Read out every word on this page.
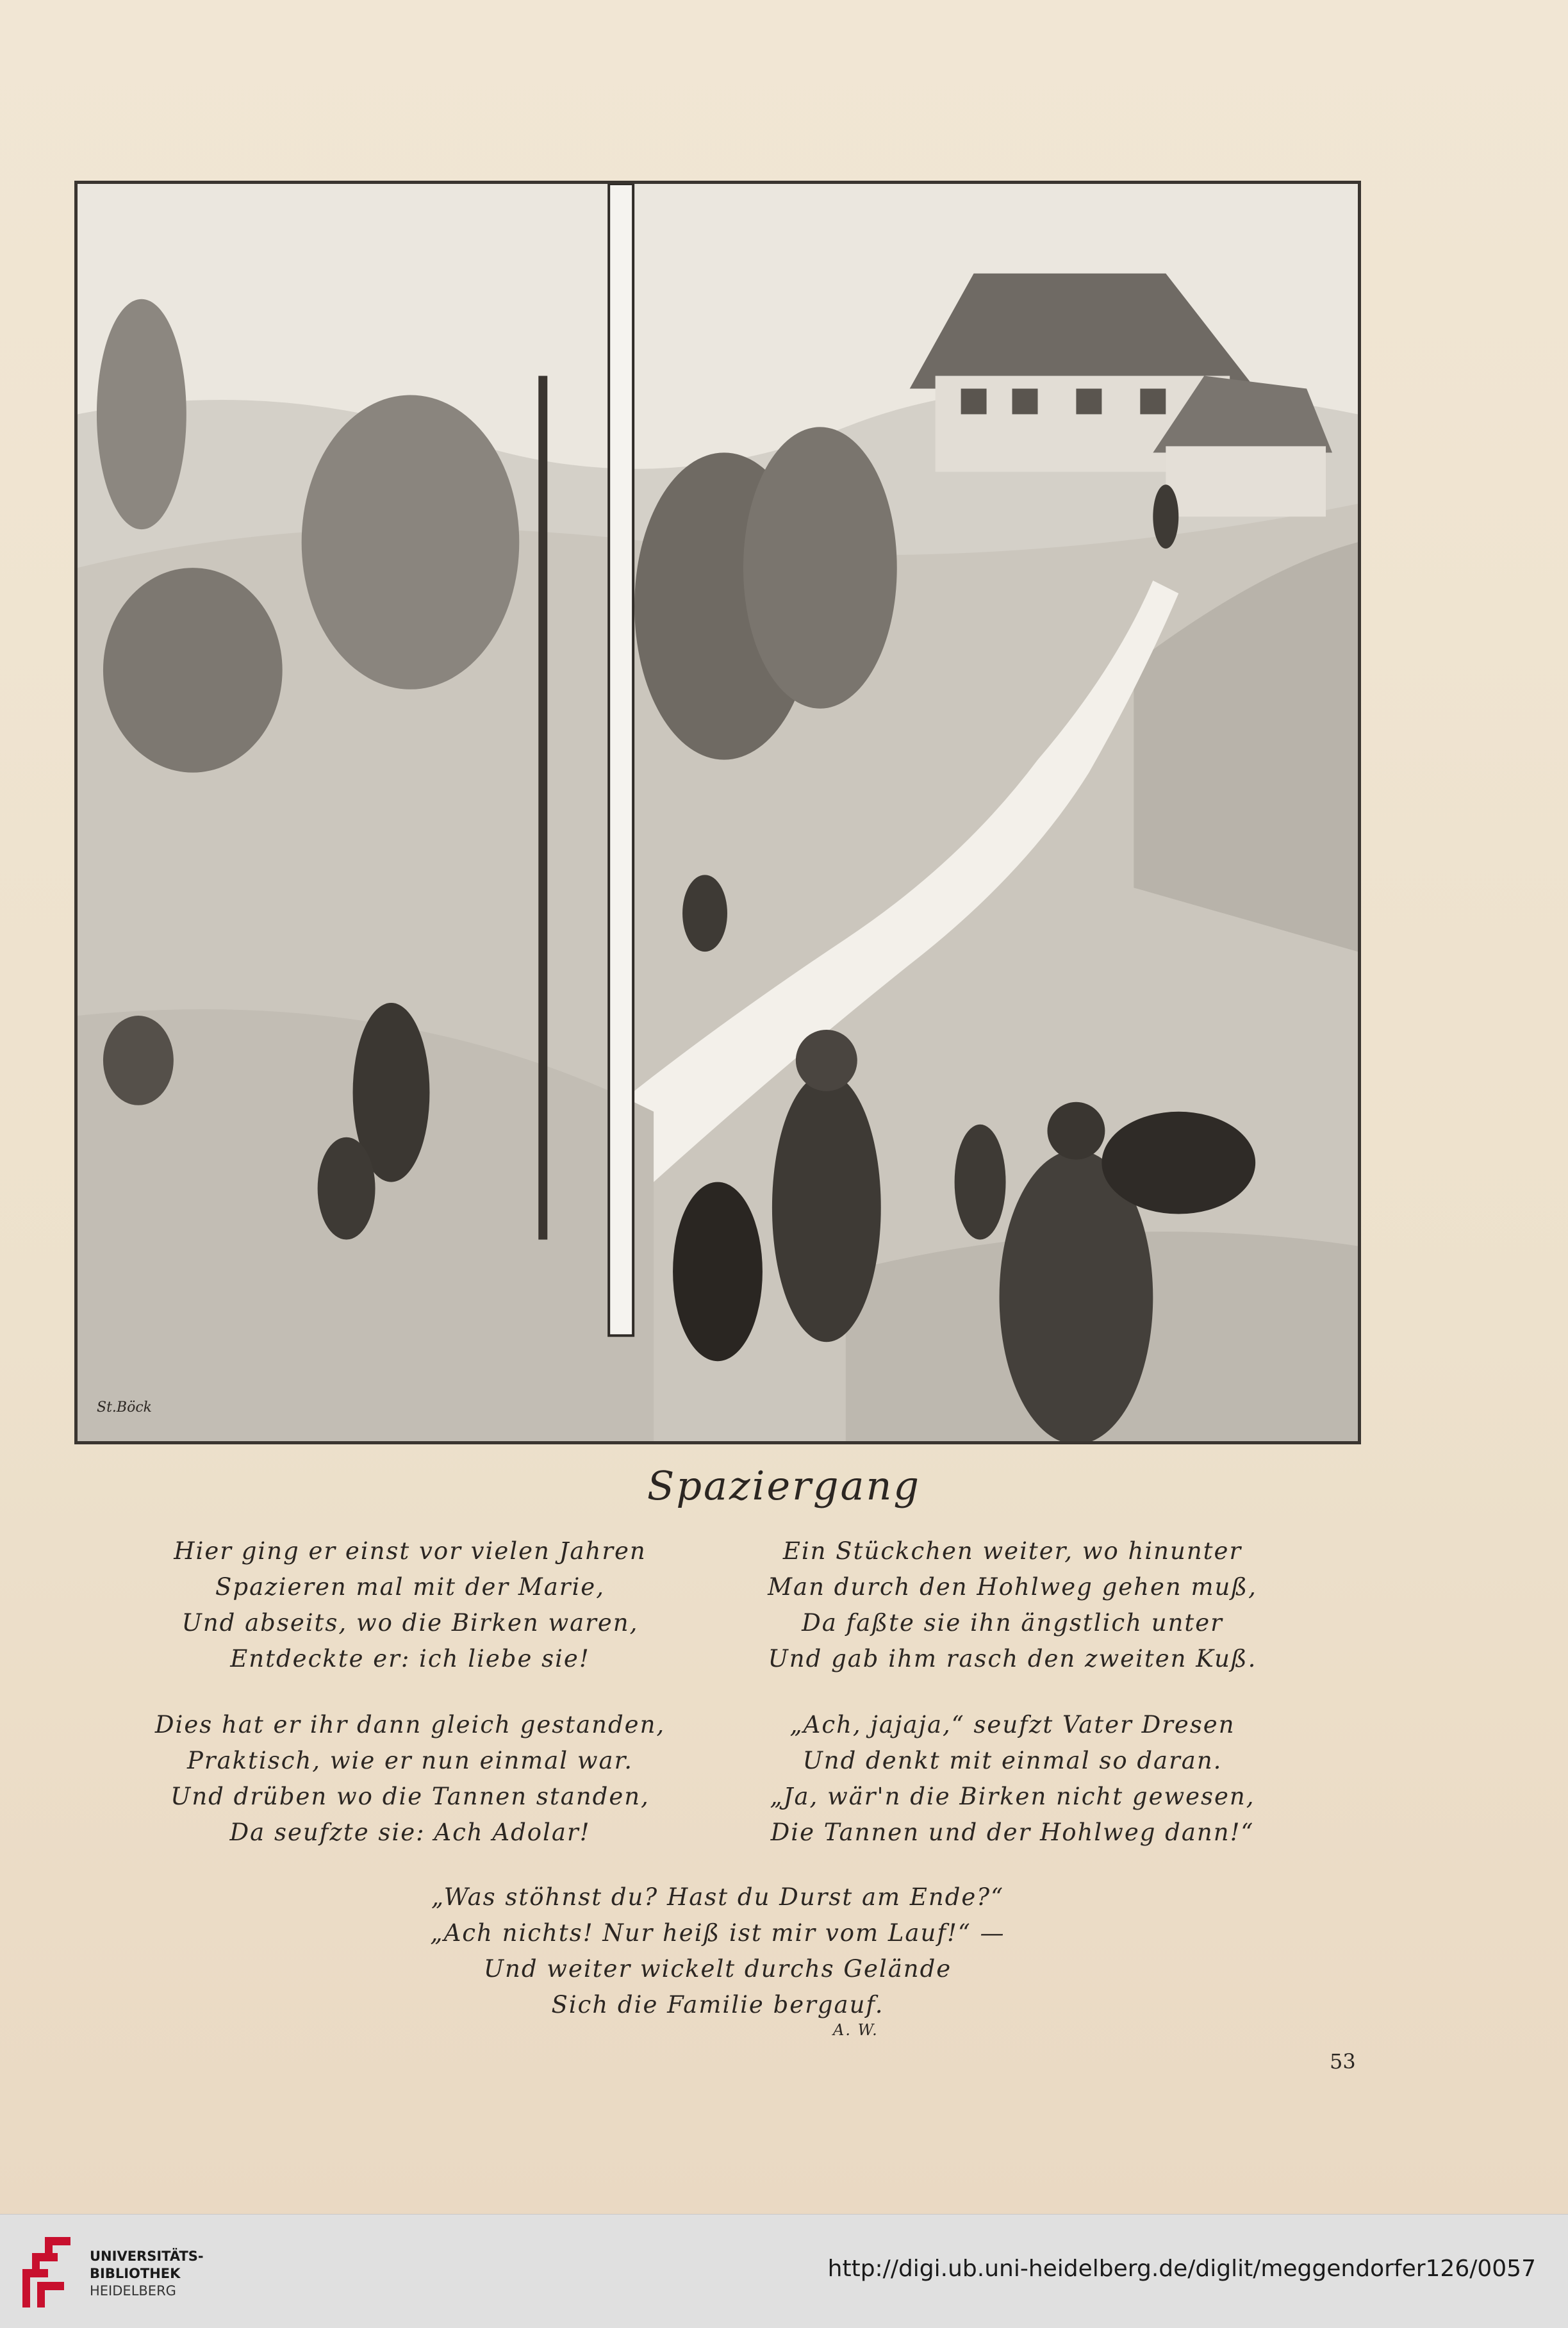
St.Böck
Spaziergang
Hier ging er einst vor vielen Jahren
Spazieren mal mit der Marie,
Und abseits, wo die Birken waren,
Entdeckte er: ich liebe sie!
Ein Stückchen weiter, wo hinunter
Man durch den Hohlweg gehen muß,
Da faßte sie ihn ängstlich unter
Und gab ihm rasch den zweiten Kuß.
Dies hat er ihr dann gleich gestanden,
Praktisch, wie er nun einmal war.
Und drüben wo die Tannen standen,
Da seufzte sie: Ach Adolar!
„Ach, jajaja,“ seufzt Vater Dresen
Und denkt mit einmal so daran.
„Ja, wär'n die Birken nicht gewesen,
Die Tannen und der Hohlweg dann!“
„Was stöhnst du? Hast du Durst am Ende?“
„Ach nichts! Nur heiß ist mir vom Lauf!“ —
Und weiter wickelt durchs Gelände
Sich die Familie bergauf.
A. W.
53
UNIVERSITÄTS-
BIBLIOTHEK
HEIDELBERG
http://digi.ub.uni-heidelberg.de/diglit/meggendorfer126/0057
